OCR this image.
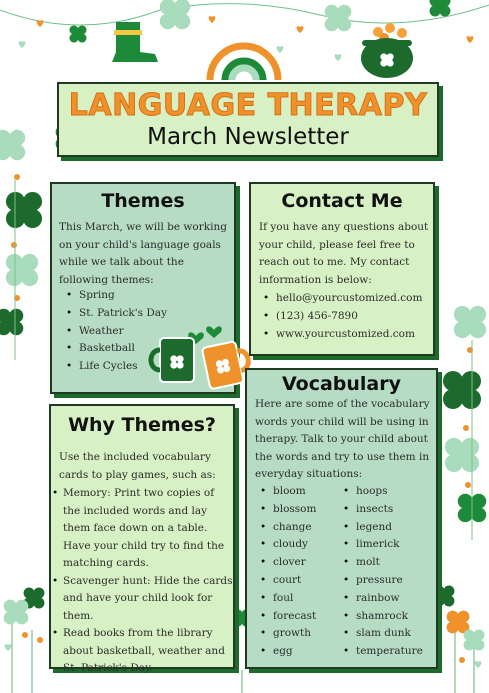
LANGUAGE THERAPY
March Newsletter
Themes
This March, we will be working on your child's language goals while we talk about the following themes:
• Spring
• St. Patrick's Day
• Weather
• Basketball
• Life Cycles
Contact Me
If you have any questions about your child, please feel free to reach out to me. My contact information is below:
• hello@yourcustomized.com
• (123) 456-7890
• www.yourcustomized.com
Why Themes?
Use the included vocabulary cards to play games, such as:
• Memory: Print two copies of the included words and lay them face down on a table. Have your child try to find the matching cards.
• Scavenger hunt: Hide the cards and have your child look for them.
• Read books from the library about basketball, weather and St. Patrick's Day.
Vocabulary
Here are some of the vocabulary words your child will be using in therapy. Talk to your child about the words and try to use them in everyday situations:
• bloom
• blossom
• change
• cloudy
• clover
• court
• foul
• forecast
• growth
• egg
• hoops
• insects
• legend
• limerick
• molt
• pressure
• rainbow
• shamrock
• slam dunk
• temperature
